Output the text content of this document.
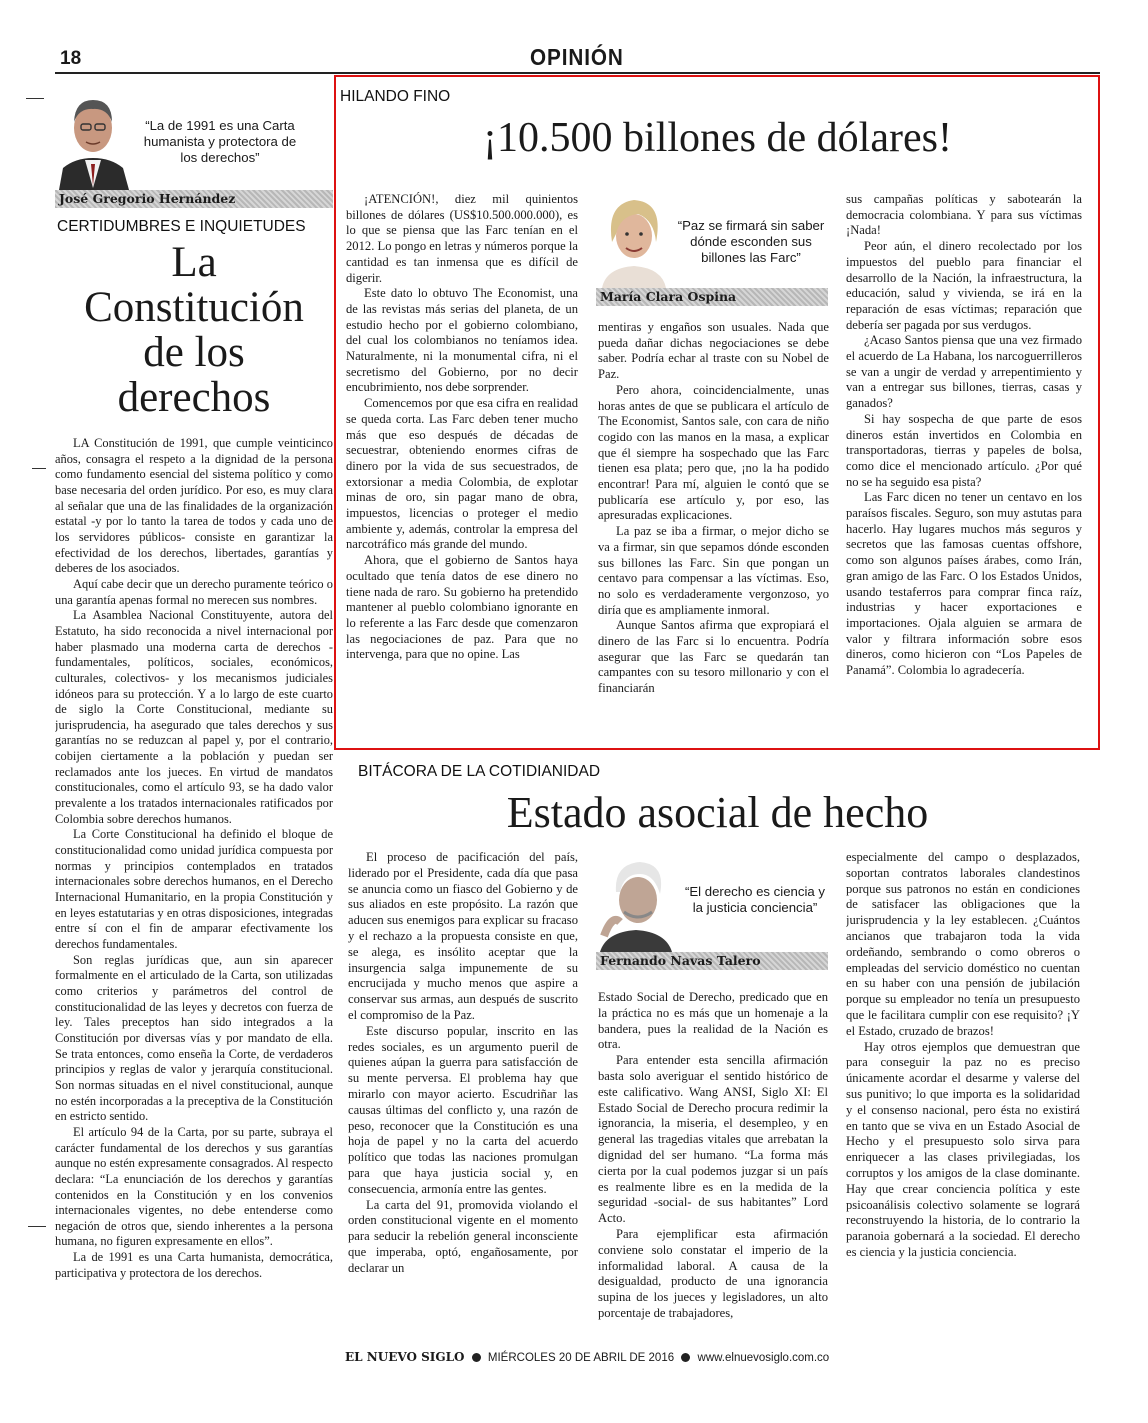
18	OPINIÓN
“La de 1991 es una Carta humanista y protectora de los derechos”
José Gregorio Hernández
CERTIDUMBRES E INQUIETUDES
La
Constitución
de los
derechos

LA Constitución de 1991, que cumple veinticinco años, consagra el respeto a la dignidad de la persona como fundamento esencial del sistema político y como base necesaria del orden jurídico. Por eso, es muy clara al señalar que una de las finalidades de la organización estatal -y por lo tanto la tarea de todos y cada uno de los servidores públicos- consiste en garantizar la efectividad de los derechos, libertades, garantías y deberes de los asociados.

Aquí cabe decir que un derecho puramente teórico o una garantía apenas formal no merecen sus nombres.

La Asamblea Nacional Constituyente, autora del Estatuto, ha sido reconocida a nivel internacional por haber plasmado una moderna carta de derechos -fundamentales, políticos, sociales, económicos, culturales, colectivos- y los mecanismos judiciales idóneos para su protección. Y a lo largo de este cuarto de siglo la Corte Constitucional, mediante su jurisprudencia, ha asegurado que tales derechos y sus garantías no se reduzcan al papel y, por el contrario, cobijen ciertamente a la población y puedan ser reclamados ante los jueces. En virtud de mandatos constitucionales, como el artículo 93, se ha dado valor prevalente a los tratados internacionales ratificados por Colombia sobre derechos humanos.

La Corte Constitucional ha definido el bloque de constitucionalidad como unidad jurídica compuesta por normas y principios contemplados en tratados internacionales sobre derechos humanos, en el Derecho Internacional Humanitario, en la propia Constitución y en leyes estatutarias y en otras disposiciones, integradas entre sí con el fin de amparar efectivamente los derechos fundamentales.

Son reglas jurídicas que, aun sin aparecer formalmente en el articulado de la Carta, son utilizadas como criterios y parámetros del control de constitucionalidad de las leyes y decretos con fuerza de ley. Tales preceptos han sido integrados a la Constitución por diversas vías y por mandato de ella. Se trata entonces, como enseña la Corte, de verdaderos principios y reglas de valor y jerarquía constitucional. Son normas situadas en el nivel constitucional, aunque no estén incorporadas a la preceptiva de la Constitución en estricto sentido.

El artículo 94 de la Carta, por su parte, subraya el carácter fundamental de los derechos y sus garantías aunque no estén expresamente consagrados. Al respecto declara: “La enunciación de los derechos y garantías contenidos en la Constitución y en los convenios internacionales vigentes, no debe entenderse como negación de otros que, siendo inherentes a la persona humana, no figuren expresamente en ellos”.

La de 1991 es una Carta humanista, democrática, participativa y protectora de los derechos.

HILANDO FINO
¡10.500 billones de dólares!

¡ATENCIÓN!, diez mil quinientos billones de dólares (US$10.500.000.000), es lo que se piensa que las Farc tenían en el 2012. Lo pongo en letras y números porque la cantidad es tan inmensa que es difícil de digerir.

Este dato lo obtuvo The Economist, una de las revistas más serias del planeta, de un estudio hecho por el gobierno colombiano, del cual los colombianos no teníamos idea. Naturalmente, ni la monumental cifra, ni el secretismo del Gobierno, por no decir encubrimiento, nos debe sorprender.

Comencemos por que esa cifra en realidad se queda corta. Las Farc deben tener mucho más que eso después de décadas de secuestrar, obteniendo enormes cifras de dinero por la vida de sus secuestrados, de extorsionar a media Colombia, de explotar minas de oro, sin pagar mano de obra, impuestos, licencias o proteger el medio ambiente y, además, controlar la empresa del narcotráfico más grande del mundo.

Ahora, que el gobierno de Santos haya ocultado que tenía datos de ese dinero no tiene nada de raro. Su gobierno ha pretendido mantener al pueblo colombiano ignorante en lo referente a las Farc desde que comenzaron las negociaciones de paz. Para que no intervenga, para que no opine. Las

“Paz se firmará sin saber dónde esconden sus billones las Farc”
María Clara Ospina

mentiras y engaños son usuales. Nada que pueda dañar dichas negociaciones se debe saber. Podría echar al traste con su Nobel de Paz.

Pero ahora, coincidencialmente, unas horas antes de que se publicara el artículo de The Economist, Santos sale, con cara de niño cogido con las manos en la masa, a explicar que él siempre ha sospechado que las Farc tienen esa plata; pero que, ¡no la ha podido encontrar! Para mí, alguien le contó que se publicaría ese artículo y, por eso, las apresuradas explicaciones.

La paz se iba a firmar, o mejor dicho se va a firmar, sin que sepamos dónde esconden sus billones las Farc. Sin que pongan un centavo para compensar a las víctimas. Eso, no solo es verdaderamente vergonzoso, yo diría que es ampliamente inmoral.

Aunque Santos afirma que expropiará el dinero de las Farc si lo encuentra. Podría asegurar que las Farc se quedarán tan campantes con su tesoro millonario y con el financiarán

sus campañas políticas y sabotearán la democracia colombiana. Y para sus víctimas ¡Nada!

Peor aún, el dinero recolectado por los impuestos del pueblo para financiar el desarrollo de la Nación, la infraestructura, la educación, salud y vivienda, se irá en la reparación de esas víctimas; reparación que debería ser pagada por sus verdugos.

¿Acaso Santos piensa que una vez firmado el acuerdo de La Habana, los narcoguerrilleros se van a ungir de verdad y arrepentimiento y van a entregar sus billones, tierras, casas y ganados?

Si hay sospecha de que parte de esos dineros están invertidos en Colombia en transportadoras, tierras y papeles de bolsa, como dice el mencionado artículo. ¿Por qué no se ha seguido esa pista?

Las Farc dicen no tener un centavo en los paraísos fiscales. Seguro, son muy astutas para hacerlo. Hay lugares muchos más seguros y secretos que las famosas cuentas offshore, como son algunos países árabes, como Irán, gran amigo de las Farc. O los Estados Unidos, usando testaferros para comprar finca raíz, industrias y hacer exportaciones e importaciones. Ojala alguien se armara de valor y filtrara información sobre esos dineros, como hicieron con “Los Papeles de Panamá”. Colombia lo agradecería.

BITÁCORA DE LA COTIDIANIDAD
Estado asocial de hecho

El proceso de pacificación del país, liderado por el Presidente, cada día que pasa se anuncia como un fiasco del Gobierno y de sus aliados en este propósito. La razón que aducen sus enemigos para explicar su fracaso y el rechazo a la propuesta consiste en que, se alega, es insólito aceptar que la insurgencia salga impunemente de su encrucijada y mucho menos que aspire a conservar sus armas, aun después de suscrito el compromiso de la Paz.

Este discurso popular, inscrito en las redes sociales, es un argumento pueril de quienes aúpan la guerra para satisfacción de su mente perversa. El problema hay que mirarlo con mayor acierto. Escudriñar las causas últimas del conflicto y, una razón de peso, reconocer que la Constitución es una hoja de papel y no la carta del acuerdo político que todas las naciones promulgan para que haya justicia social y, en consecuencia, armonía entre las gentes.

La carta del 91, promovida violando el orden constitucional vigente en el momento para seducir la rebelión general inconsciente que imperaba, optó, engañosamente, por declarar un

“El derecho es ciencia y la justicia conciencia”
Fernando Navas Talero

Estado Social de Derecho, predicado que en la práctica no es más que un homenaje a la bandera, pues la realidad de la Nación es otra.

Para entender esta sencilla afirmación basta solo averiguar el sentido histórico de este calificativo. Wang ANSI, Siglo XI: El Estado Social de Derecho procura redimir la ignorancia, la miseria, el desempleo, y en general las tragedias vitales que arrebatan la dignidad del ser humano. “La forma más cierta por la cual podemos juzgar si un país es realmente libre es en la medida de la seguridad -social- de sus habitantes” Lord Acto.

Para ejemplificar esta afirmación conviene solo constatar el imperio de la informalidad laboral. A causa de la desigualdad, producto de una ignorancia supina de los jueces y legisladores, un alto porcentaje de trabajadores,

especialmente del campo o desplazados, soportan contratos laborales clandestinos porque sus patronos no están en condiciones de satisfacer las obligaciones que la jurisprudencia y la ley establecen. ¿Cuántos ancianos que trabajaron toda la vida ordeñando, sembrando o como obreros o empleadas del servicio doméstico no cuentan en su haber con una pensión de jubilación porque su empleador no tenía un presupuesto que le facilitara cumplir con ese requisito? ¡Y el Estado, cruzado de brazos!

Hay otros ejemplos que demuestran que para conseguir la paz no es preciso únicamente acordar el desarme y valerse del sus punitivo; lo que importa es la solidaridad y el consenso nacional, pero ésta no existirá en tanto que se viva en un Estado Asocial de Hecho y el presupuesto solo sirva para enriquecer a las clases privilegiadas, los corruptos y los amigos de la clase dominante. Hay que crear conciencia política y este psicoanálisis colectivo solamente se logrará reconstruyendo la historia, de lo contrario la paranoia gobernará a la sociedad. El derecho es ciencia y la justicia conciencia.

EL NUEVO SIGLO MIÉRCOLES 20 DE ABRIL DE 2016 www.elnuevosiglo.com.co
